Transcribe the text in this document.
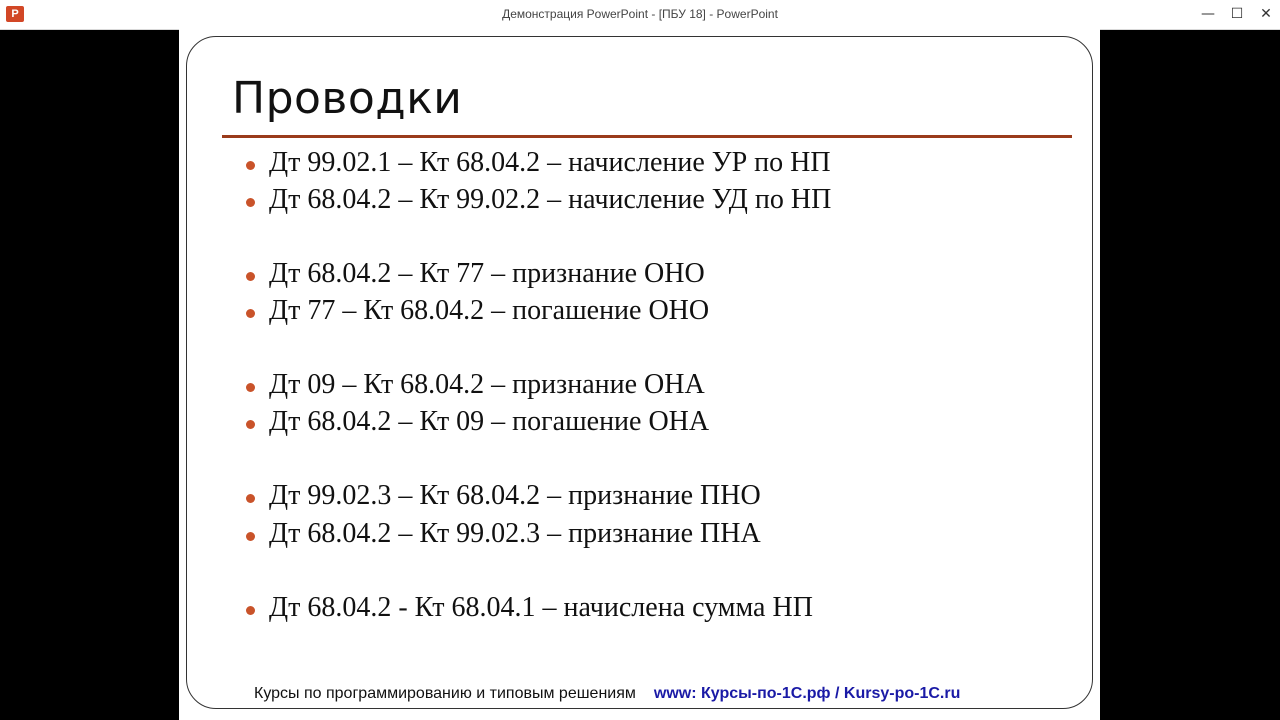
P	Демонстрация PowerPoint - [ПБУ 18] - PowerPoint	—	☐	✕
Проводки
Дт 99.02.1 – Кт 68.04.2 – начисление УР по НП
Дт 68.04.2 – Кт 99.02.2 – начисление УД по НП
Дт 68.04.2 – Кт 77 – признание ОНО
Дт 77 – Кт 68.04.2 – погашение ОНО
Дт 09 – Кт 68.04.2 – признание ОНА
Дт 68.04.2 – Кт 09 – погашение ОНА
Дт 99.02.3 – Кт 68.04.2 – признание ПНО
Дт 68.04.2 – Кт 99.02.3 – признание ПНА
Дт 68.04.2 - Кт 68.04.1 – начислена сумма НП
Курсы по программированию и типовым решениям www: Курсы-по-1С.рф / Kursy-po-1C.ru
